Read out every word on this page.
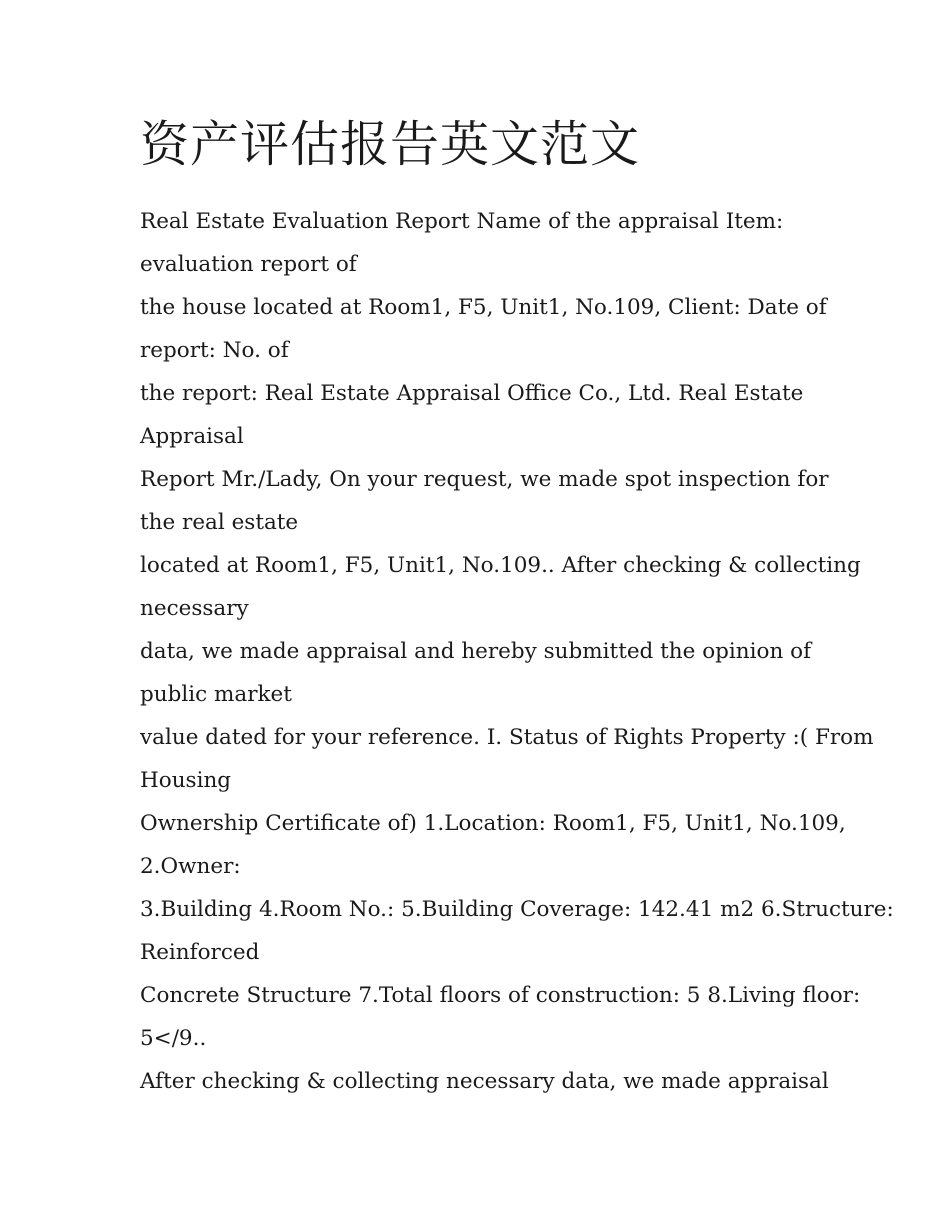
资产评估报告英文范文
Real Estate Evaluation Report Name of the appraisal Item:
evaluation report of
the house located at Room1, F5, Unit1, No.109, Client: Date of
report: No. of
the report: Real Estate Appraisal Office Co., Ltd. Real Estate
Appraisal
Report Mr./Lady, On your request, we made spot inspection for
the real estate
located at Room1, F5, Unit1, No.109.. After checking & collecting
necessary
data, we made appraisal and hereby submitted the opinion of
public market
value dated for your reference. I. Status of Rights Property :( From
Housing
Ownership Certificate of) 1.Location: Room1, F5, Unit1, No.109,
2.Owner:
3.Building 4.Room No.: 5.Building Coverage: 142.41 m2 6.Structure:
Reinforced
Concrete Structure 7.Total floors of construction: 5 8.Living floor:
5</9..
After checking & collecting necessary data, we made appraisal
